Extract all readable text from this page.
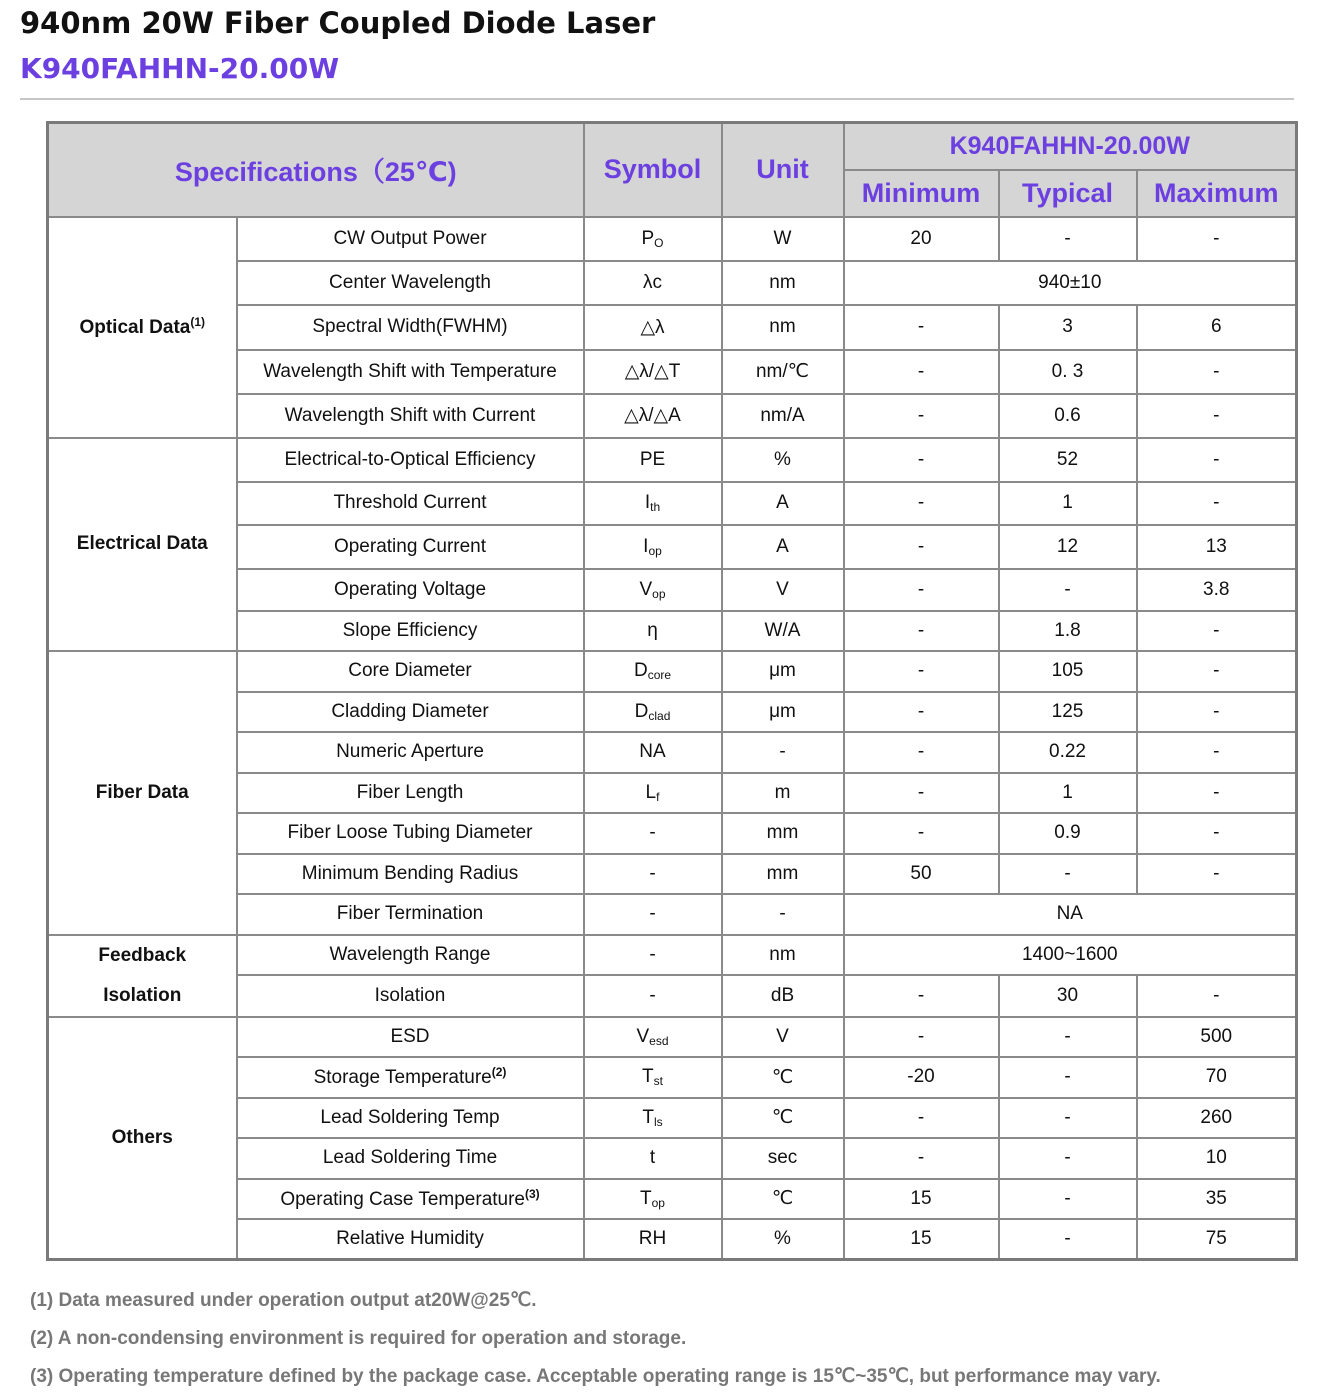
940nm 20W Fiber Coupled Diode Laser
K940FAHHN-20.00W
Specifications（25℃)		Symbol	Unit	K940FAHHN-20.00W		
				Minimum	Typical	Maximum
Optical Data$^{(1)}$	CW Output Power	$P_O$	W	20	-	-
	Center Wavelength	λc	nm	940±10		
	Spectral Width(FWHM)	△λ	nm	-	3	6
	Wavelength Shift with Temperature	△λ/△T	nm/℃	-	0. 3	-
	Wavelength Shift with Current	△λ/△A	nm/A	-	0.6	-
Electrical Data	Electrical-to-Optical Efficiency	PE	%	-	52	-
	Threshold Current	$I_{th}$	A	-	1	-
	Operating Current	$I_{op}$	A	-	12	13
	Operating Voltage	$V_{op}$	V	-	-	3.8
	Slope Efficiency	η	W/A	-	1.8	-
Fiber Data	Core Diameter	$D_{core}$	μm	-	105	-
	Cladding Diameter	$D_{clad}$	μm	-	125	-
	Numeric Aperture	NA	-	-	0.22	-
	Fiber Length	$L_f$	m	-	1	-
	Fiber Loose Tubing Diameter	-	mm	-	0.9	-
	Minimum Bending Radius	-	mm	50	-	-
	Fiber Termination	-	-	NA		
Feedback
Isolation	Wavelength Range	-	nm	1400~1600		
	Isolation	-	dB	-	30	-
Others	ESD	$V_{esd}$	V	-	-	500
	Storage Temperature$^{(2)}$	$T_{st}$	℃	-20	-	70
	Lead Soldering Temp	$T_{ls}$	℃	-	-	260
	Lead Soldering Time	t	sec	-	-	10
	Operating Case Temperature$^{(3)}$	$T_{op}$	℃	15	-	35
	Relative Humidity	RH	%	15	-	75
(1) Data measured under operation output at20W@25℃.
(2) A non-condensing environment is required for operation and storage.
(3) Operating temperature defined by the package case. Acceptable operating range is 15℃~35℃, but performance may vary.
